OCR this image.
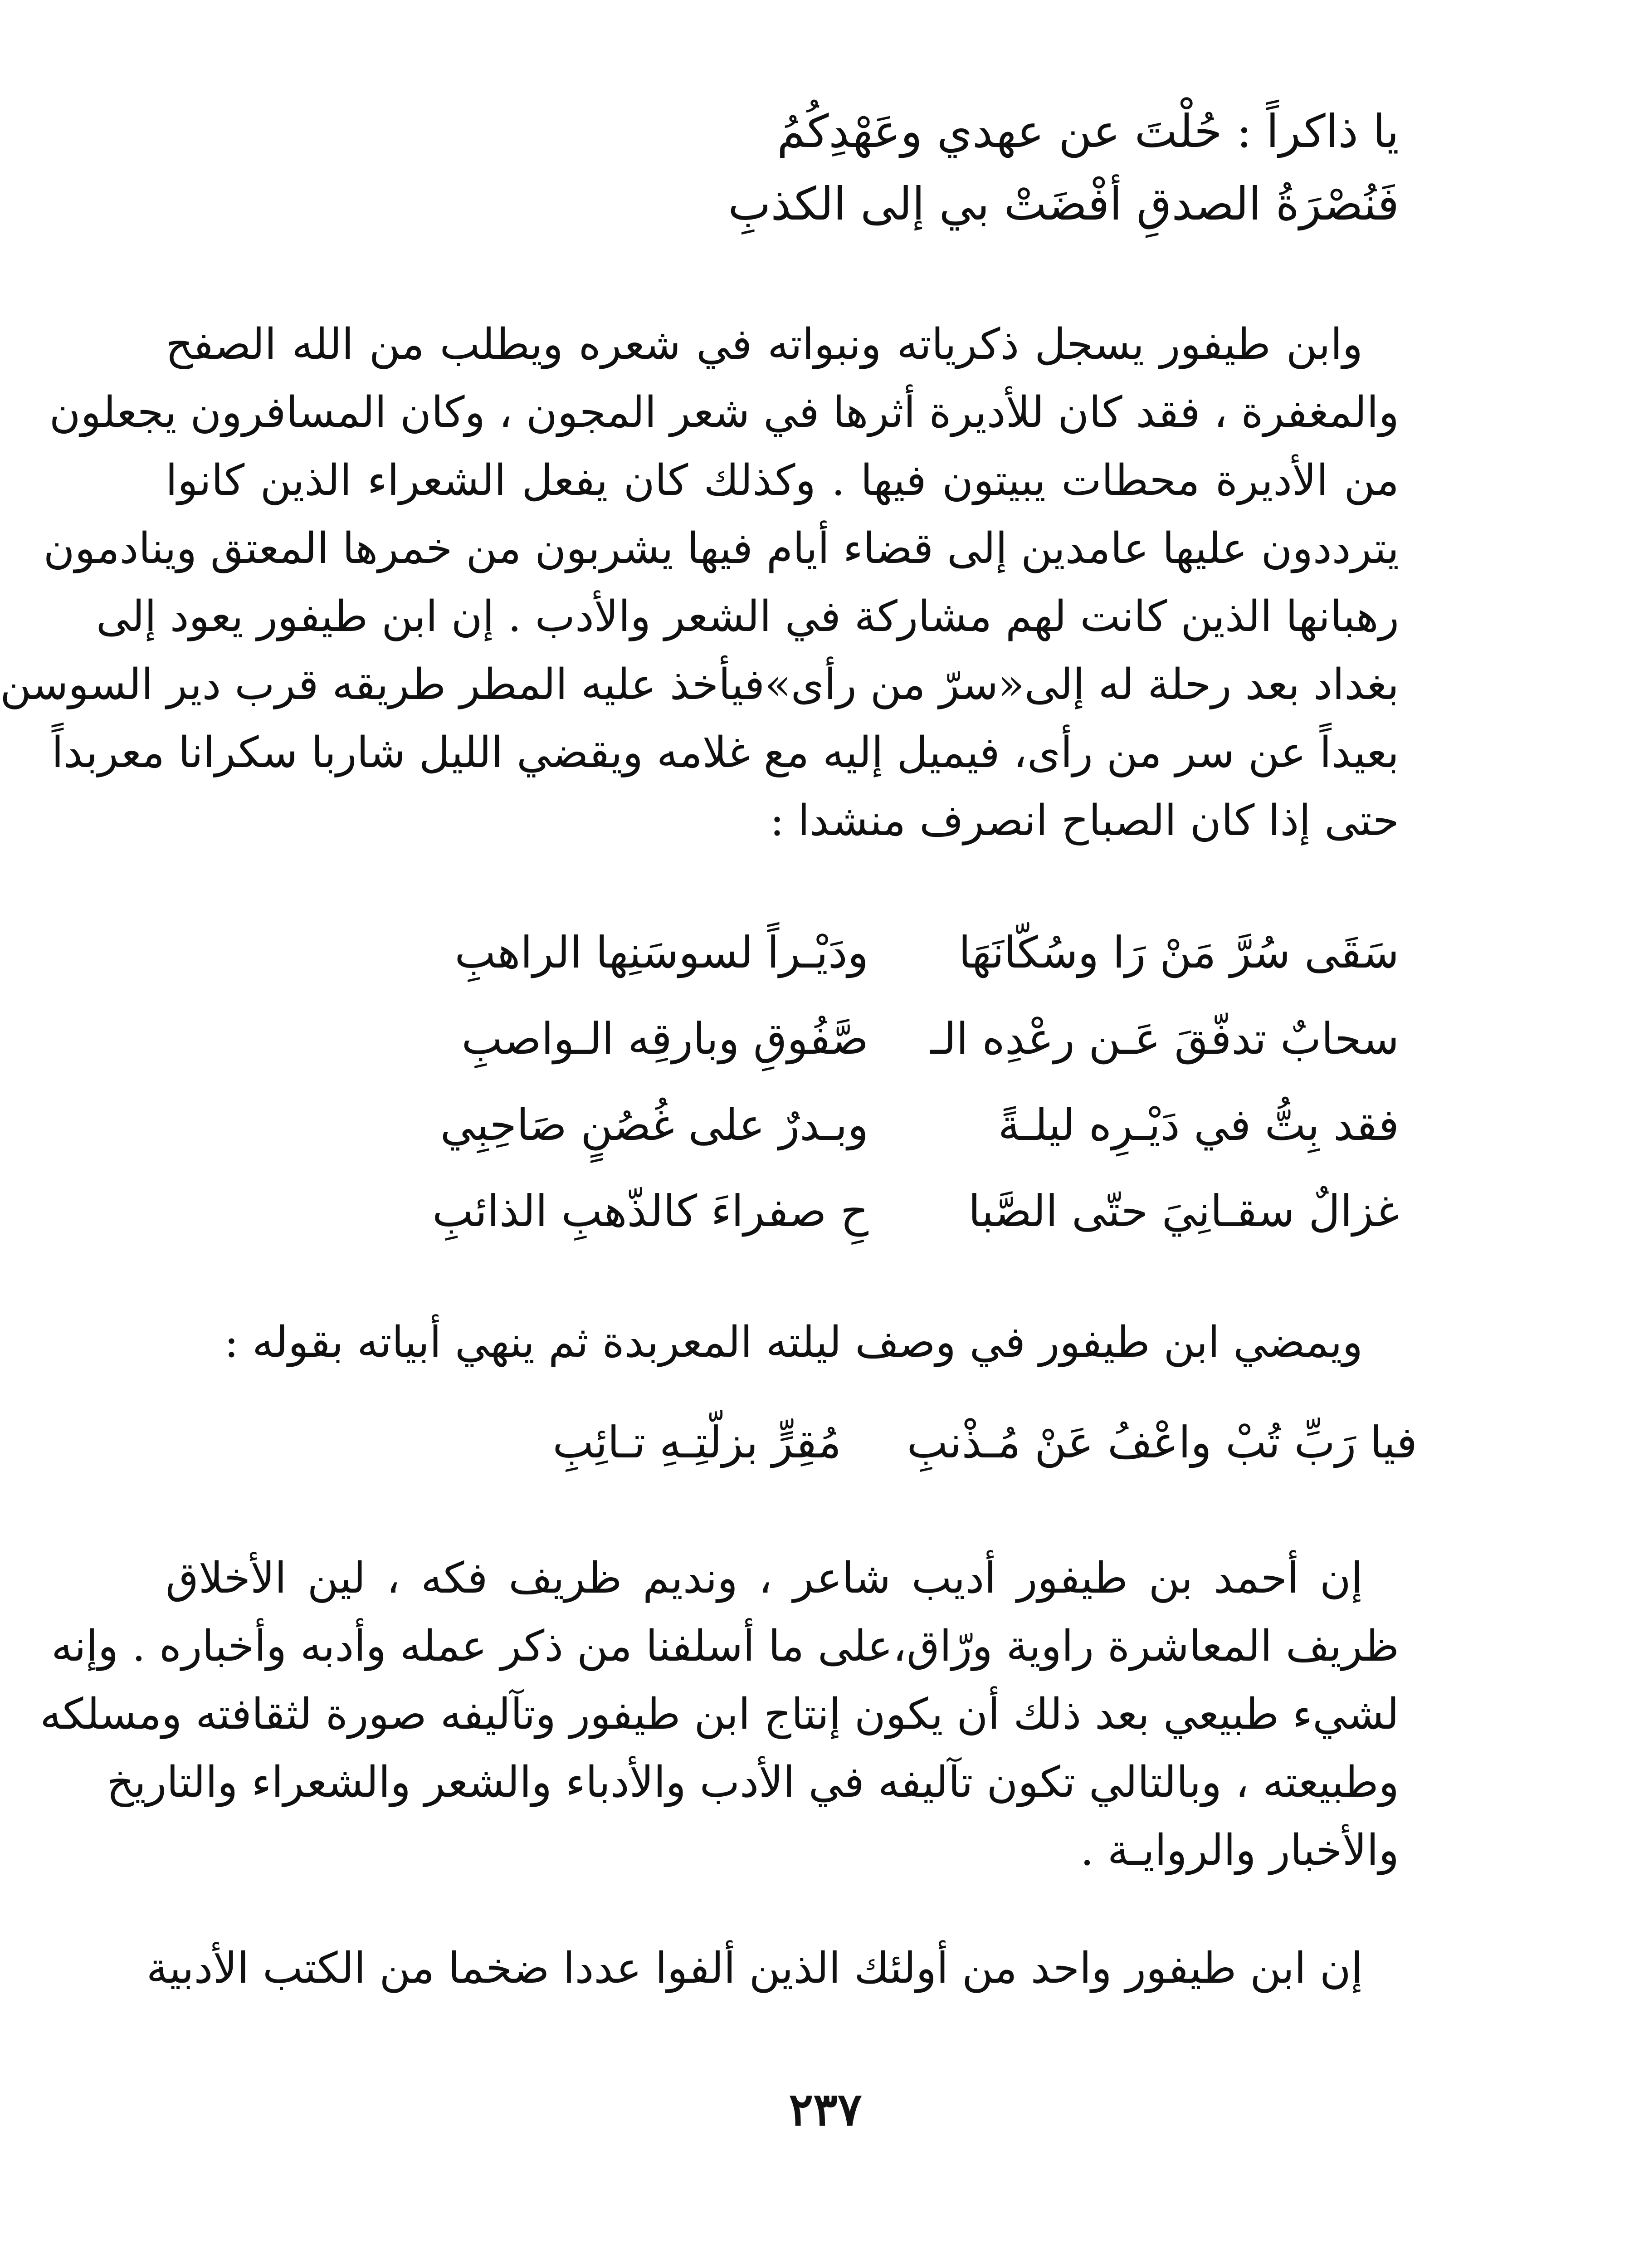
يا ذاكراً : حُلْتَ عن عهدي وعَهْدِكُمُ

فَنُصْرَةُ الصدقِ أفْضَتْ بي إلى الكذبِ

وابن طيفور يسجل ذكرياته ونبواته في شعره ويطلب من الله الصفح

والمغفرة ، فقد كان للأديرة أثرها في شعر المجون ، وكان المسافرون يجعلون

من الأديرة محطات يبيتون فيها . وكذلك كان يفعل الشعراء الذين كانوا

يترددون عليها عامدين إلى قضاء أيام فيها يشربون من خمرها المعتق وينادمون

رهبانها الذين كانت لهم مشاركة في الشعر والأدب . إن ابن طيفور يعود إلى

بغداد بعد رحلة له إلى«سرّ من رأى»فيأخذ عليه المطر طريقه قرب دير السوسن

بعيداً عن سر من رأى، فيميل إليه مع غلامه ويقضي الليل شاربا سكرانا معربداً

حتى إذا كان الصباح انصرف منشدا :

سَقَى سُرَّ مَنْ رَا وسُكّانَهَا

ودَيْـراً لسوسَنِها الراهبِ

سحابٌ تدفّقَ عَـن رعْدِه الـ

صَّفُوقِ وبارقِه الـواصبِ

فقد بِتُّ في دَيْـرِه ليلـةً

وبـدرٌ على غُصُنٍ صَاحِبِي

غزالٌ سقـانِيَ حتّى الصَّبا

حِ صفراءَ كالذّهبِ الذائبِ

ويمضي ابن طيفور في وصف ليلته المعربدة ثم ينهي أبياته بقوله :

فيا رَبِّ تُبْ واعْفُ عَنْ مُـذْنبِ

مُقِرٍّ بزلّتِـهِ تـائِبِ

إن أحمد بن طيفور أديب شاعر ، ونديم ظريف فكه ، لين الأخلاق

ظريف المعاشرة راوية ورّاق،على ما أسلفنا من ذكر عمله وأدبه وأخباره . وإنه

لشيء طبيعي بعد ذلك أن يكون إنتاج ابن طيفور وتآليفه صورة لثقافته ومسلكه

وطبيعته ، وبالتالي تكون تآليفه في الأدب والأدباء والشعر والشعراء والتاريخ

والأخبار والروايـة .

إن ابن طيفور واحد من أولئك الذين ألفوا عددا ضخما من الكتب الأدبية

٢٣٧
